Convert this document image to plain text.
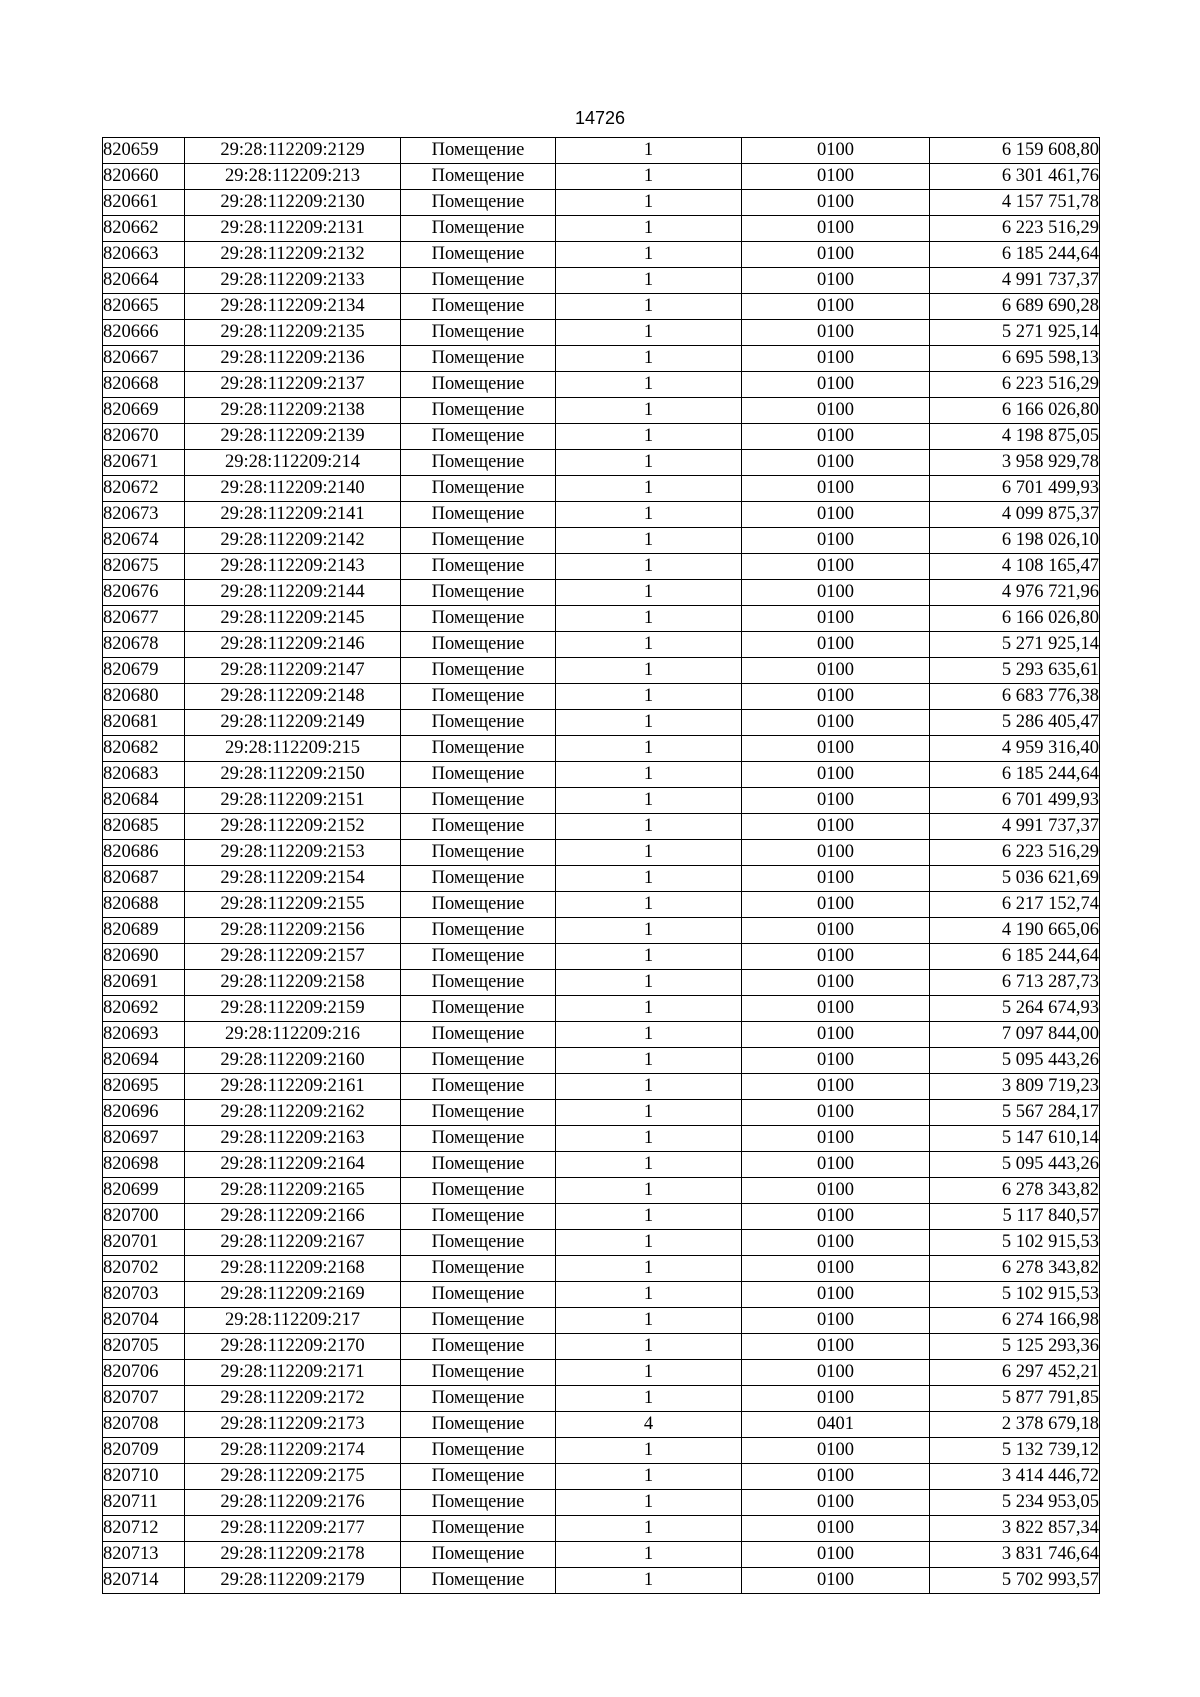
14726
820659	29:28:112209:2129	Помещение	1	0100	6 159 608,80
820660	29:28:112209:213	Помещение	1	0100	6 301 461,76
820661	29:28:112209:2130	Помещение	1	0100	4 157 751,78
820662	29:28:112209:2131	Помещение	1	0100	6 223 516,29
820663	29:28:112209:2132	Помещение	1	0100	6 185 244,64
820664	29:28:112209:2133	Помещение	1	0100	4 991 737,37
820665	29:28:112209:2134	Помещение	1	0100	6 689 690,28
820666	29:28:112209:2135	Помещение	1	0100	5 271 925,14
820667	29:28:112209:2136	Помещение	1	0100	6 695 598,13
820668	29:28:112209:2137	Помещение	1	0100	6 223 516,29
820669	29:28:112209:2138	Помещение	1	0100	6 166 026,80
820670	29:28:112209:2139	Помещение	1	0100	4 198 875,05
820671	29:28:112209:214	Помещение	1	0100	3 958 929,78
820672	29:28:112209:2140	Помещение	1	0100	6 701 499,93
820673	29:28:112209:2141	Помещение	1	0100	4 099 875,37
820674	29:28:112209:2142	Помещение	1	0100	6 198 026,10
820675	29:28:112209:2143	Помещение	1	0100	4 108 165,47
820676	29:28:112209:2144	Помещение	1	0100	4 976 721,96
820677	29:28:112209:2145	Помещение	1	0100	6 166 026,80
820678	29:28:112209:2146	Помещение	1	0100	5 271 925,14
820679	29:28:112209:2147	Помещение	1	0100	5 293 635,61
820680	29:28:112209:2148	Помещение	1	0100	6 683 776,38
820681	29:28:112209:2149	Помещение	1	0100	5 286 405,47
820682	29:28:112209:215	Помещение	1	0100	4 959 316,40
820683	29:28:112209:2150	Помещение	1	0100	6 185 244,64
820684	29:28:112209:2151	Помещение	1	0100	6 701 499,93
820685	29:28:112209:2152	Помещение	1	0100	4 991 737,37
820686	29:28:112209:2153	Помещение	1	0100	6 223 516,29
820687	29:28:112209:2154	Помещение	1	0100	5 036 621,69
820688	29:28:112209:2155	Помещение	1	0100	6 217 152,74
820689	29:28:112209:2156	Помещение	1	0100	4 190 665,06
820690	29:28:112209:2157	Помещение	1	0100	6 185 244,64
820691	29:28:112209:2158	Помещение	1	0100	6 713 287,73
820692	29:28:112209:2159	Помещение	1	0100	5 264 674,93
820693	29:28:112209:216	Помещение	1	0100	7 097 844,00
820694	29:28:112209:2160	Помещение	1	0100	5 095 443,26
820695	29:28:112209:2161	Помещение	1	0100	3 809 719,23
820696	29:28:112209:2162	Помещение	1	0100	5 567 284,17
820697	29:28:112209:2163	Помещение	1	0100	5 147 610,14
820698	29:28:112209:2164	Помещение	1	0100	5 095 443,26
820699	29:28:112209:2165	Помещение	1	0100	6 278 343,82
820700	29:28:112209:2166	Помещение	1	0100	5 117 840,57
820701	29:28:112209:2167	Помещение	1	0100	5 102 915,53
820702	29:28:112209:2168	Помещение	1	0100	6 278 343,82
820703	29:28:112209:2169	Помещение	1	0100	5 102 915,53
820704	29:28:112209:217	Помещение	1	0100	6 274 166,98
820705	29:28:112209:2170	Помещение	1	0100	5 125 293,36
820706	29:28:112209:2171	Помещение	1	0100	6 297 452,21
820707	29:28:112209:2172	Помещение	1	0100	5 877 791,85
820708	29:28:112209:2173	Помещение	4	0401	2 378 679,18
820709	29:28:112209:2174	Помещение	1	0100	5 132 739,12
820710	29:28:112209:2175	Помещение	1	0100	3 414 446,72
820711	29:28:112209:2176	Помещение	1	0100	5 234 953,05
820712	29:28:112209:2177	Помещение	1	0100	3 822 857,34
820713	29:28:112209:2178	Помещение	1	0100	3 831 746,64
820714	29:28:112209:2179	Помещение	1	0100	5 702 993,57
